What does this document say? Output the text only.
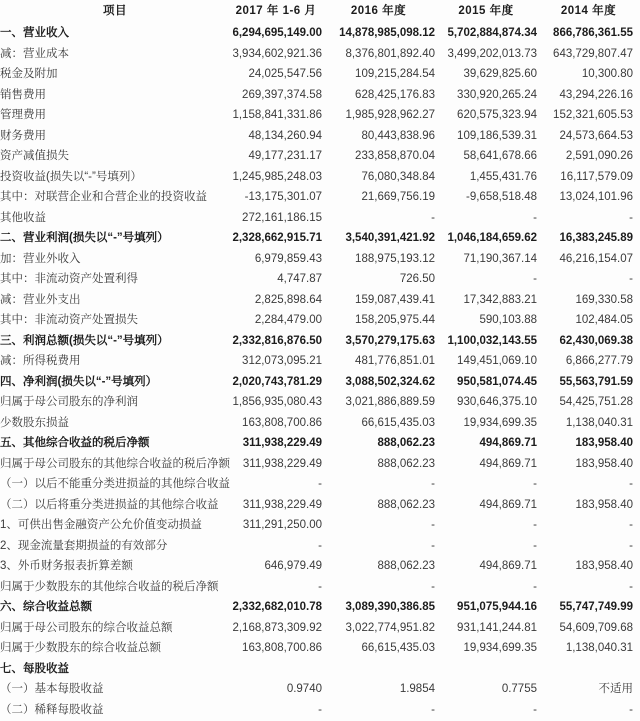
项目	2017 年 1-6 月	2016 年度	2015 年度	2014 年度
一、营业收入	6,294,695,149.00	14,878,985,098.12	5,702,884,874.34	866,786,361.55
减：营业成本	3,934,602,921.36	8,376,801,892.40	3,499,202,013.73	643,729,807.47
税金及附加	24,025,547.56	109,215,284.54	39,629,825.60	10,300.80
销售费用	269,397,374.58	628,425,176.83	330,920,265.24	43,294,226.16
管理费用	1,158,841,331.86	1,985,928,962.27	620,575,323.94	152,321,605.53
财务费用	48,134,260.94	80,443,838.96	109,186,539.31	24,573,664.53
资产减值损失	49,177,231.17	233,858,870.04	58,641,678.66	2,591,090.26
投资收益(损失以“-”号填列）	1,245,985,248.03	76,080,348.84	1,455,431.76	16,117,579.09
其中：对联营企业和合营企业的投资收益	-13,175,301.07	21,669,756.19	-9,658,518.48	13,024,101.96
其他收益	272,161,186.15	-	-	-
二、营业利润(损失以“-”号填列）	2,328,662,915.71	3,540,391,421.92	1,046,184,659.62	16,383,245.89
加：营业外收入	6,979,859.43	188,975,193.12	71,190,367.14	46,216,154.07
其中：非流动资产处置利得	4,747.87	726.50	-	-
减：营业外支出	2,825,898.64	159,087,439.41	17,342,883.21	169,330.58
其中：非流动资产处置损失	2,284,479.00	158,205,975.44	590,103.88	102,484.05
三、利润总额(损失以“-”号填列）	2,332,816,876.50	3,570,279,175.63	1,100,032,143.55	62,430,069.38
减：所得税费用	312,073,095.21	481,776,851.01	149,451,069.10	6,866,277.79
四、净利润(损失以“-”号填列）	2,020,743,781.29	3,088,502,324.62	950,581,074.45	55,563,791.59
归属于母公司股东的净利润	1,856,935,080.43	3,021,886,889.59	930,646,375.10	54,425,751.28
少数股东损益	163,808,700.86	66,615,435.03	19,934,699.35	1,138,040.31
五、其他综合收益的税后净额	311,938,229.49	888,062.23	494,869.71	183,958.40
归属于母公司股东的其他综合收益的税后净额	311,938,229.49	888,062.23	494,869.71	183,958.40
（一）以后不能重分类进损益的其他综合收益	-	-	-	-
（二）以后将重分类进损益的其他综合收益	311,938,229.49	888,062.23	494,869.71	183,958.40
1、可供出售金融资产公允价值变动损益	311,291,250.00	-	-	-
2、现金流量套期损益的有效部分	-	-	-	-
3、外币财务报表折算差额	646,979.49	888,062.23	494,869.71	183,958.40
归属于少数股东的其他综合收益的税后净额	-	-	-	-
六、综合收益总额	2,332,682,010.78	3,089,390,386.85	951,075,944.16	55,747,749.99
归属于母公司股东的综合收益总额	2,168,873,309.92	3,022,774,951.82	931,141,244.81	54,609,709.68
归属于少数股东的综合收益总额	163,808,700.86	66,615,435.03	19,934,699.35	1,138,040.31
七、每股收益				
（一）基本每股收益	0.9740	1.9854	0.7755	不适用
（二）稀释每股收益	-	-	-	-
